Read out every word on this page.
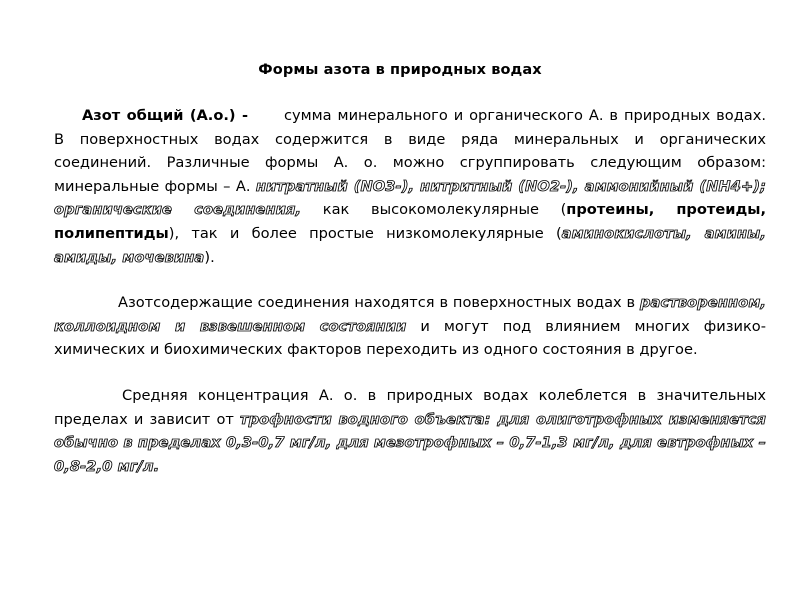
Формы азота в природных водах

Азот общий (А.о.) - сумма минерального и органического А. в природных водах. В поверхностных водах содержится в виде ряда минеральных и органических соединений. Различные формы А. о. можно сгруппировать следующим образом: минеральные формы – А. нитратный (NO3-), нитритный (NO2-), аммонийный (NH4+); органические соединения, как высокомолекулярные (протеины, протеиды, полипептиды), так и более простые низкомолекулярные (аминокислоты, амины, амиды, мочевина).

Азотсодержащие соединения находятся в поверхностных водах в растворенном, коллоидном и взвешенном состоянии и могут под влиянием многих физико-химических и биохимических факторов переходить из одного состояния в другое.

Средняя концентрация А. о. в природных водах колеблется в значительных пределах и зависит от трофности водного объекта: для олиготрофных изменяется обычно в пределах 0,3-0,7 мг/л, для мезотрофных – 0,7-1,3 мг/л, для евтрофных – 0,8-2,0 мг/л.
